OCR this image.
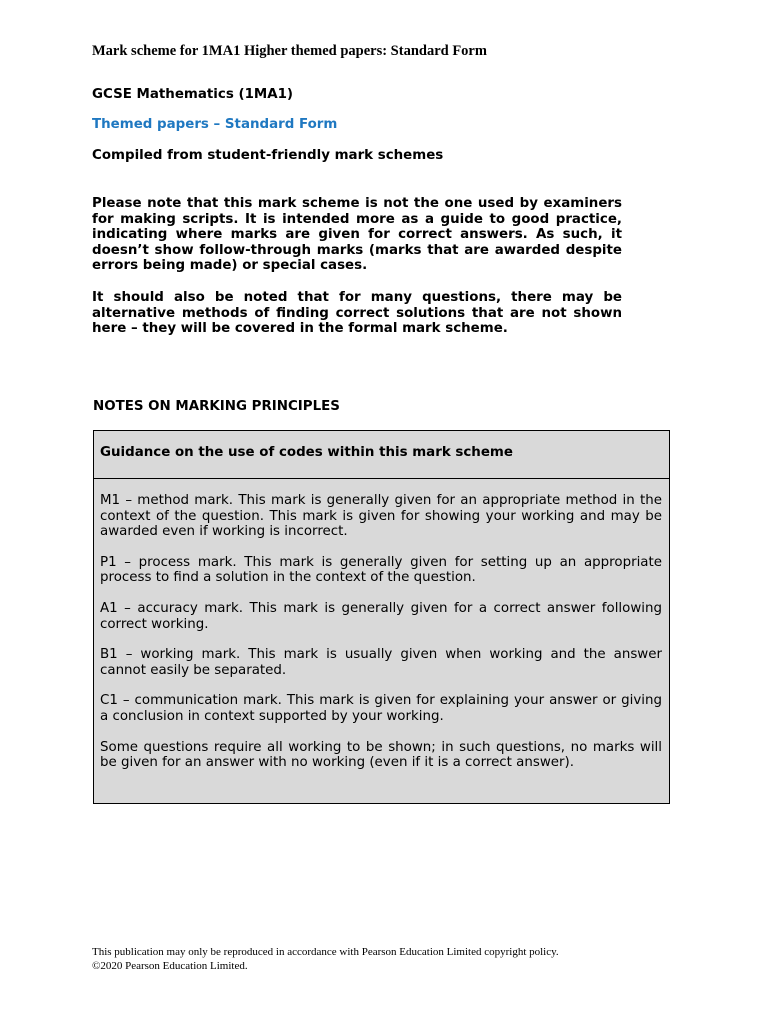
Mark scheme for 1MA1 Higher themed papers: Standard Form
GCSE Mathematics (1MA1)
Themed papers – Standard Form
Compiled from student-friendly mark schemes

Please note that this mark scheme is not the one used by examiners for making scripts. It is intended more as a guide to good practice, indicating where marks are given for correct answers. As such, it doesn’t show follow-through marks (marks that are awarded despite errors being made) or special cases.

It should also be noted that for many questions, there may be alternative methods of finding correct solutions that are not shown here – they will be covered in the formal mark scheme.

NOTES ON MARKING PRINCIPLES
Guidance on the use of codes within this mark scheme

M1 – method mark. This mark is generally given for an appropriate method in the context of the question. This mark is given for showing your working and may be awarded even if working is incorrect.

P1 – process mark. This mark is generally given for setting up an appropriate process to find a solution in the context of the question.

A1 – accuracy mark. This mark is generally given for a correct answer following correct working.

B1 – working mark. This mark is usually given when working and the answer cannot easily be separated.

C1 – communication mark. This mark is given for explaining your answer or giving a conclusion in context supported by your working.

Some questions require all working to be shown; in such questions, no marks will be given for an answer with no working (even if it is a correct answer).

This publication may only be reproduced in accordance with Pearson Education Limited copyright policy.
©2020 Pearson Education Limited.
